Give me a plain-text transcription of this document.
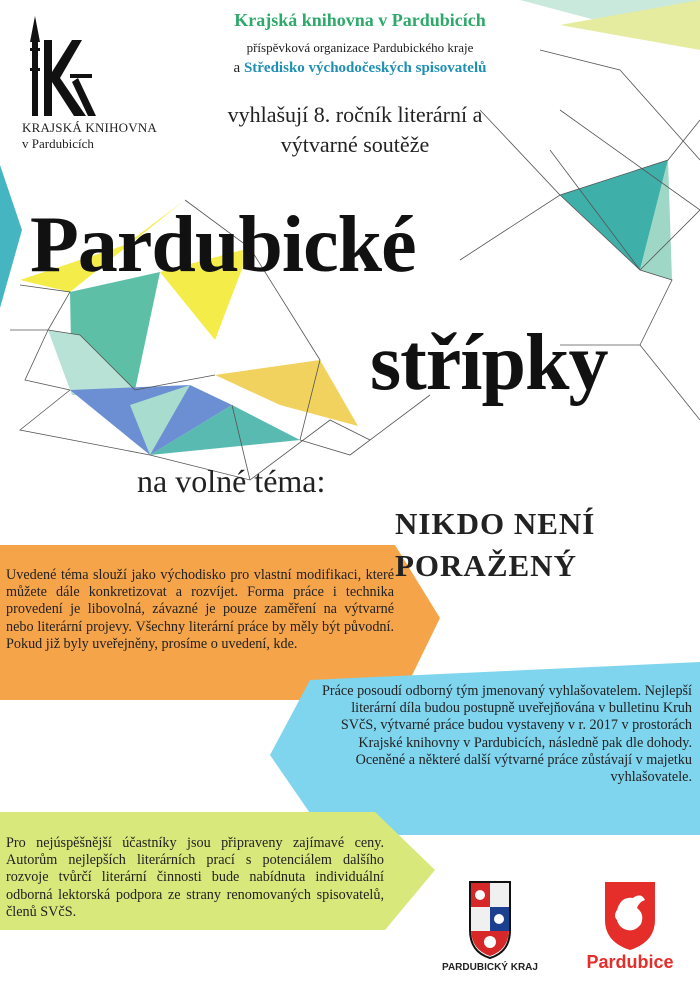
KRAJSKÁ KNIHOVNA
v Pardubicích
Krajská knihovna v Pardubicích
příspěvková organizace Pardubického kraje
a Středisko východočeských spisovatelů
vyhlašují 8. ročník literární a
výtvarné soutěže
Pardubické
střípky
na volné téma:
NIKDO NENÍ
PORAŽENÝ
Uvedené téma slouží jako východisko pro vlastní modifikaci, které můžete dále konkretizovat a rozvíjet. Forma práce i technika provedení je libovolná, závazné je pouze zaměření na výtvarné nebo literární projevy. Všechny literární práce by měly být původní. Pokud již byly uveřejněny, prosíme o uvedení, kde.
Práce posoudí odborný tým jmenovaný vyhlašovatelem. Nejlepší literární díla budou postupně uveřejňována v bulletinu Kruh SVčS, výtvarné práce budou vystaveny v r. 2017 v prostorách Krajské knihovny v Pardubicích, následně pak dle dohody. Oceněné a některé další výtvarné práce zůstávají v majetku vyhlašovatele.
Pro nejúspěšnější účastníky jsou připraveny zajímavé ceny. Autorům nejlepších literárních prací s potenciálem dalšího rozvoje tvůrčí literární činnosti bude nabídnuta individuální odborná lektorská podpora ze strany renomovaných spisovatelů, členů SVčS.
PARDUBICKÝ KRAJ	Pardubice
